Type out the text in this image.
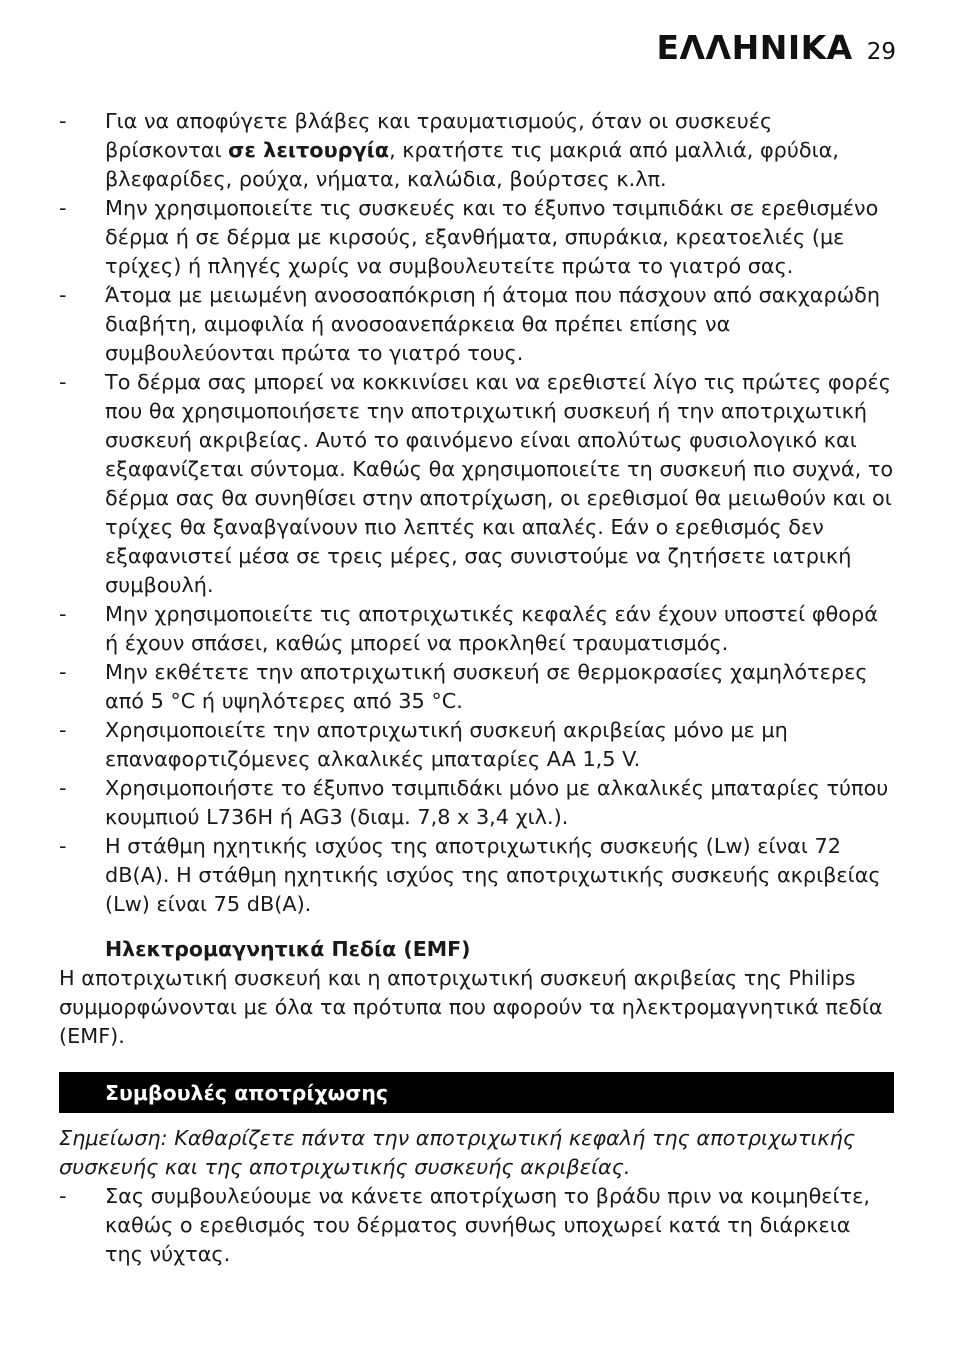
ΕΛΛΗΝΙΚΑ 29
- Για να αποφύγετε βλάβες και τραυματισμούς, όταν οι συσκευές βρίσκονται σε λειτουργία, κρατήστε τις μακριά από μαλλιά, φρύδια, βλεφαρίδες, ρούχα, νήματα, καλώδια, βούρτσες κ.λπ.
- Μην χρησιμοποιείτε τις συσκευές και το έξυπνο τσιμπιδάκι σε ερεθισμένο δέρμα ή σε δέρμα με κιρσούς, εξανθήματα, σπυράκια, κρεατοελιές (με τρίχες) ή πληγές χωρίς να συμβουλευτείτε πρώτα το γιατρό σας.
- Άτομα με μειωμένη ανοσοαπόκριση ή άτομα που πάσχουν από σακχαρώδη διαβήτη, αιμοφιλία ή ανοσοανεπάρκεια θα πρέπει επίσης να συμβουλεύονται πρώτα το γιατρό τους.
- Το δέρμα σας μπορεί να κοκκινίσει και να ερεθιστεί λίγο τις πρώτες φορές που θα χρησιμοποιήσετε την αποτριχωτική συσκευή ή την αποτριχωτική συσκευή ακριβείας. Αυτό το φαινόμενο είναι απολύτως φυσιολογικό και εξαφανίζεται σύντομα. Καθώς θα χρησιμοποιείτε τη συσκευή πιο συχνά, το δέρμα σας θα συνηθίσει στην αποτρίχωση, οι ερεθισμοί θα μειωθούν και οι τρίχες θα ξαναβγαίνουν πιο λεπτές και απαλές. Εάν ο ερεθισμός δεν εξαφανιστεί μέσα σε τρεις μέρες, σας συνιστούμε να ζητήσετε ιατρική συμβουλή.
- Μην χρησιμοποιείτε τις αποτριχωτικές κεφαλές εάν έχουν υποστεί φθορά ή έχουν σπάσει, καθώς μπορεί να προκληθεί τραυματισμός.
- Μην εκθέτετε την αποτριχωτική συσκευή σε θερμοκρασίες χαμηλότερες από 5 °C ή υψηλότερες από 35 °C.
- Χρησιμοποιείτε την αποτριχωτική συσκευή ακριβείας μόνο με μη επαναφορτιζόμενες αλκαλικές μπαταρίες AA 1,5 V.
- Χρησιμοποιήστε το έξυπνο τσιμπιδάκι μόνο με αλκαλικές μπαταρίες τύπου κουμπιού L736H ή AG3 (διαμ. 7,8 x 3,4 χιλ.).
- Η στάθμη ηχητικής ισχύος της αποτριχωτικής συσκευής (Lw) είναι 72 dB(A). Η στάθμη ηχητικής ισχύος της αποτριχωτικής συσκευής ακριβείας (Lw) είναι 75 dB(A).
Ηλεκτρομαγνητικά Πεδία (EMF)
Η αποτριχωτική συσκευή και η αποτριχωτική συσκευή ακριβείας της Philips συμμορφώνονται με όλα τα πρότυπα που αφορούν τα ηλεκτρομαγνητικά πεδία (EMF).
Συμβουλές αποτρίχωσης
Σημείωση: Καθαρίζετε πάντα την αποτριχωτική κεφαλή της αποτριχωτικής συσκευής και της αποτριχωτικής συσκευής ακριβείας.
- Σας συμβουλεύουμε να κάνετε αποτρίχωση το βράδυ πριν να κοιμηθείτε, καθώς ο ερεθισμός του δέρματος συνήθως υποχωρεί κατά τη διάρκεια της νύχτας.
